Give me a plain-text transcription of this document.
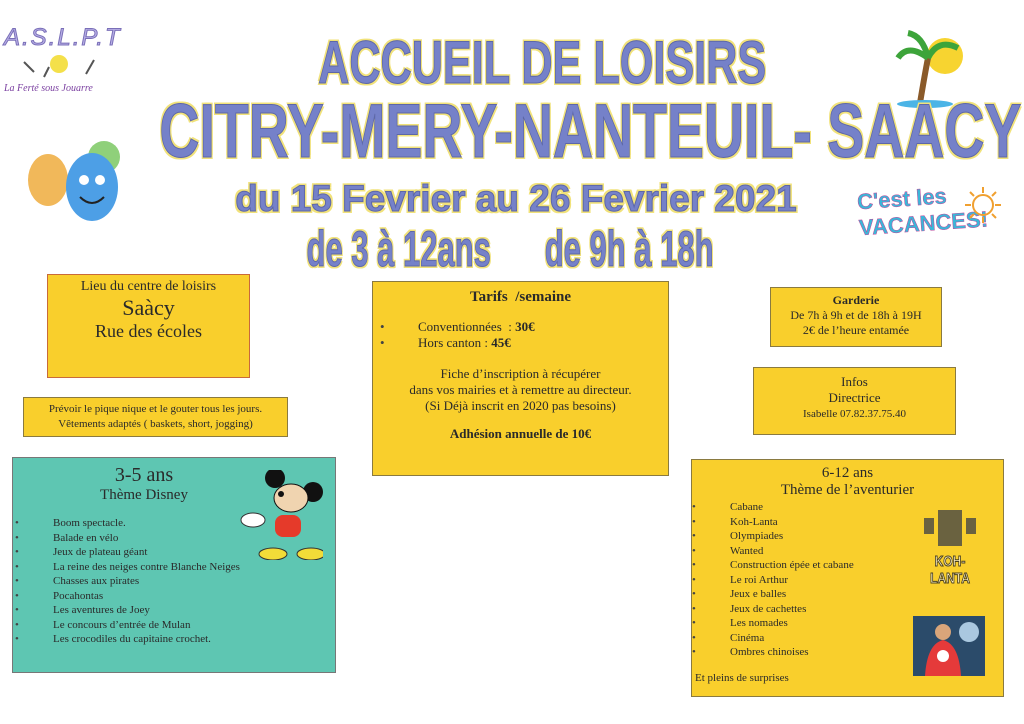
A.S.L.P.T
La Ferté sous Jouarre
C'est les VACANCES!
ACCUEIL DE LOISIRS
CITRY-MERY-NANTEUIL- SAACY
du 15 Fevrier au 26 Fevrier 2021
de 3 à 12ans	de 9h à 18h
Lieu du centre de loisirs
Saàcy
Rue des écoles
Prévoir le pique nique et le gouter tous les jours.
Vêtements adaptés ( baskets, short, jogging)
Tarifs  /semaine
• Conventionnées  : 30€
• Hors canton : 45€
Fiche d’inscription à récupérer
dans vos mairies et à remettre au directeur.
(Si Déjà inscrit en 2020 pas besoins)
Adhésion annuelle de 10€
Garderie
De 7h à 9h et de 18h à 19H
2€ de l’heure entamée
Infos
Directrice
Isabelle 07.82.37.75.40
3-5 ans
Thème Disney
• Boom spectacle.
• Balade en vélo
• Jeux de plateau géant
• La reine des neiges contre Blanche Neiges
• Chasses aux pirates
• Pocahontas
• Les aventures de Joey
• Le concours d’entrée de Mulan
• Les crocodiles du capitaine crochet.
6-12 ans
Thème de l’aventurier
• Cabane
• Koh-Lanta
• Olympiades
• Wanted
• Construction épée et cabane
• Le roi Arthur
• Jeux e balles
• Jeux de cachettes
• Les nomades
• Cinéma
• Ombres chinoises
Et pleins de surprises
KOH-LANTA
